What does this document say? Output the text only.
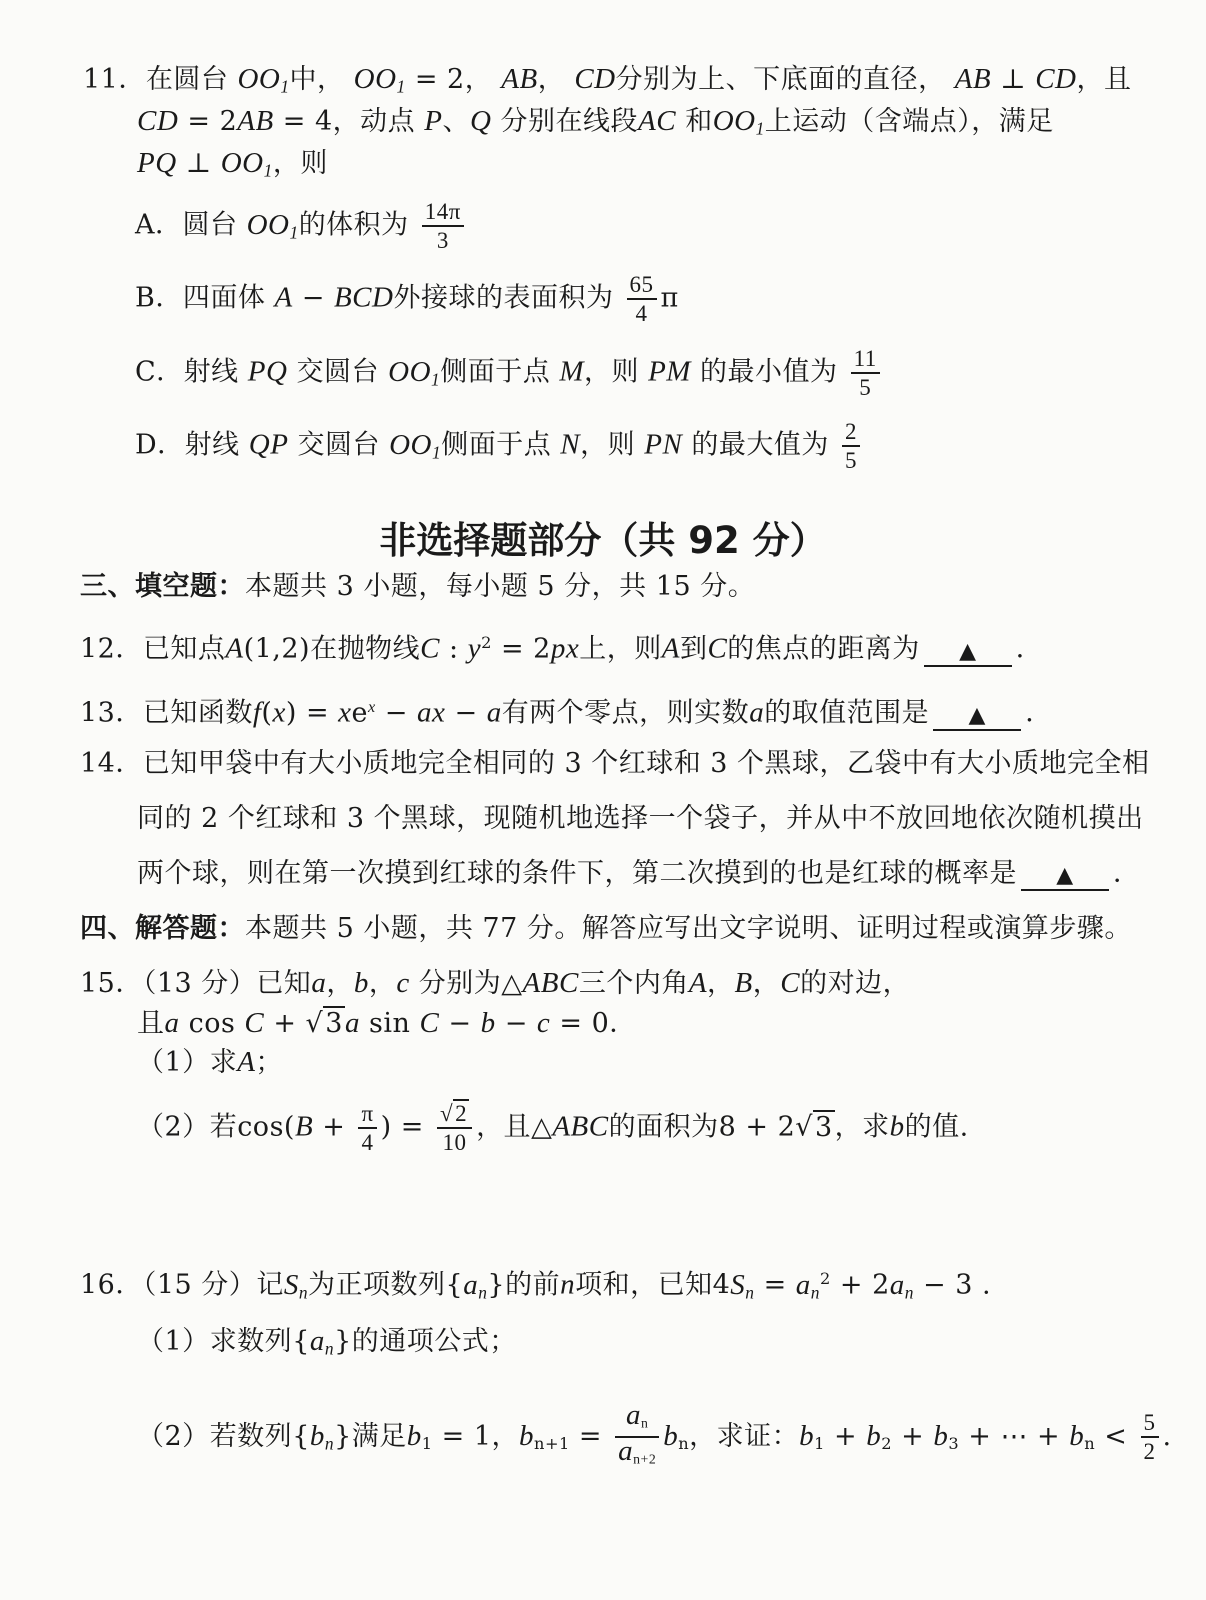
11．在圆台 $OO_1$中， $OO_1 = 2$， AB， CD分别为上、下底面的直径， AB ⊥ CD，且
CD = 2AB = 4，动点 P、Q 分别在线段AC 和$OO_1$上运动（含端点），满足
PQ ⊥ $OO_1$，则
A．圆台 $OO_1$的体积为 $\frac{14\pi}{3}$
B．四面体 A − BCD外接球的表面积为 $\frac{65}{4}$ π
C．射线 PQ 交圆台 $OO_1$侧面于点 M，则 PM 的最小值为 $\frac{11}{5}$
D．射线 QP 交圆台 $OO_1$侧面于点 N，则 PN 的最大值为 $\frac{2}{5}$
非选择题部分（共 92 分）
三、填空题：本题共 3 小题，每小题 5 分，共 15 分。
12．已知点A(1,2)在抛物线C : $y^2 = 2px$上，则A到C的焦点的距离为 ▲ ．
13．已知函数$f(x) = xe^x$ − ax − a有两个零点，则实数a的取值范围是 ▲ ．
14．已知甲袋中有大小质地完全相同的 3 个红球和 3 个黑球，乙袋中有大小质地完全相
同的 2 个红球和 3 个黑球，现随机地选择一个袋子，并从中不放回地依次随机摸出
两个球，则在第一次摸到红球的条件下，第二次摸到的也是红球的概率是 ▲ ．
四、解答题：本题共 5 小题，共 77 分。解答应写出文字说明、证明过程或演算步骤。
15．（13 分）已知a，b，c 分别为△ABC三个内角A，B，C的对边，
且a cos C + √3a sin C − b − c = 0．
（1）求A；
（2）若$\cos(B + \frac{\pi}{4}$ ) = $\frac{√2}{10}$ ，且△ABC的面积为8 + 2√3，求b的值.
16．（15 分）记$S_n$为正项数列$\{a_n\}$的前n项和，已知$4S_n = a_n^2 + 2a_n - 3$ .
（1）求数列$\{a_n\}$的通项公式；
（2）若数列$\{b_n\}$满足$b_1 = 1$，$b_{n+1} = \frac{a_n}{a_{n+2}} b_n$，求证：$b_1 + b_2 + b_3$ + ⋯ + $b_n < \frac{5}{2}$ .
